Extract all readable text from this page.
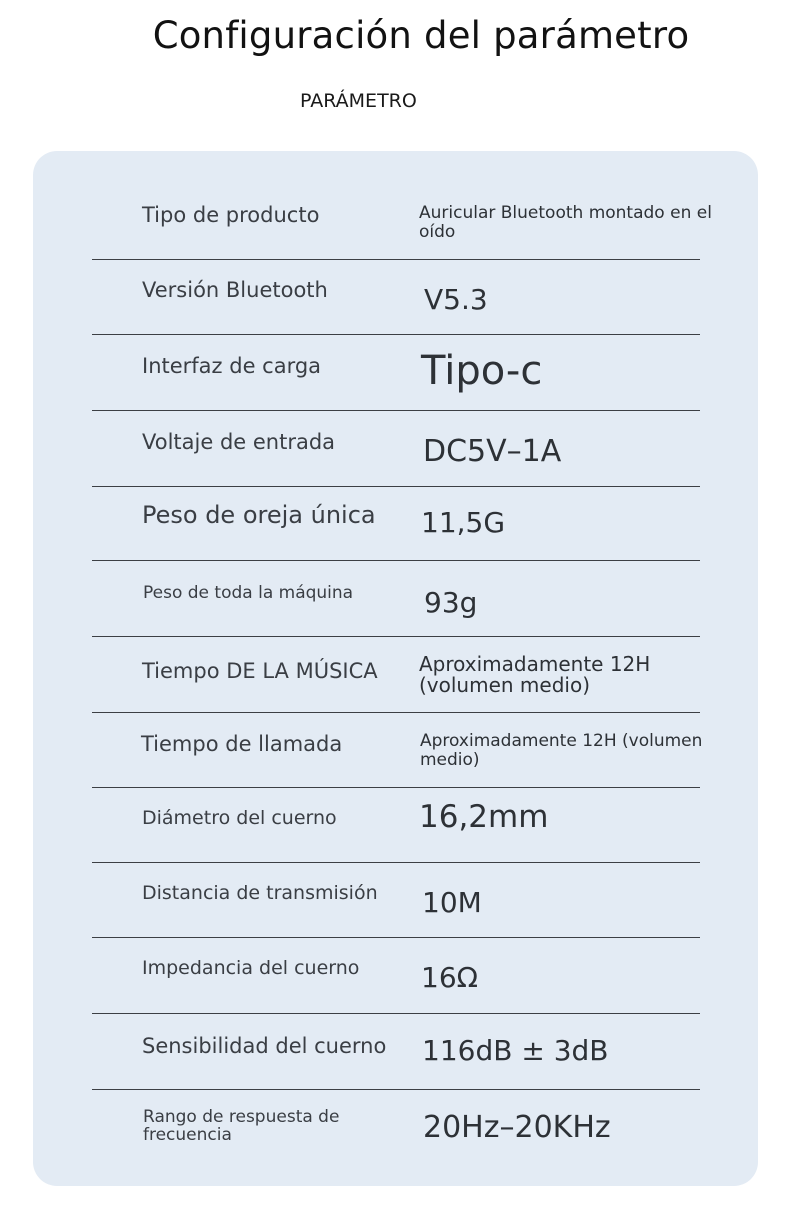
Configuración del parámetro

PARÁMETRO

Tipo de producto	Auricular Bluetooth montado en el oído
Versión Bluetooth	V5.3
Interfaz de carga Tipo-c
Voltaje de entrada	DC5V–1A
Peso de oreja única 11,5G
Peso de toda la máquina	93g
Tiempo DE LA MÚSICA Aproximadamente 12H (volumen medio)
Tiempo de llamada	Aproximadamente 12H (volumen medio)
Diámetro del cuerno	16,2mm
Distancia de transmisión 10M
Impedancia del cuerno 16Ω
Sensibilidad del cuerno 116dB ± 3dB
Rango de respuesta de frecuencia	20Hz–20KHz
